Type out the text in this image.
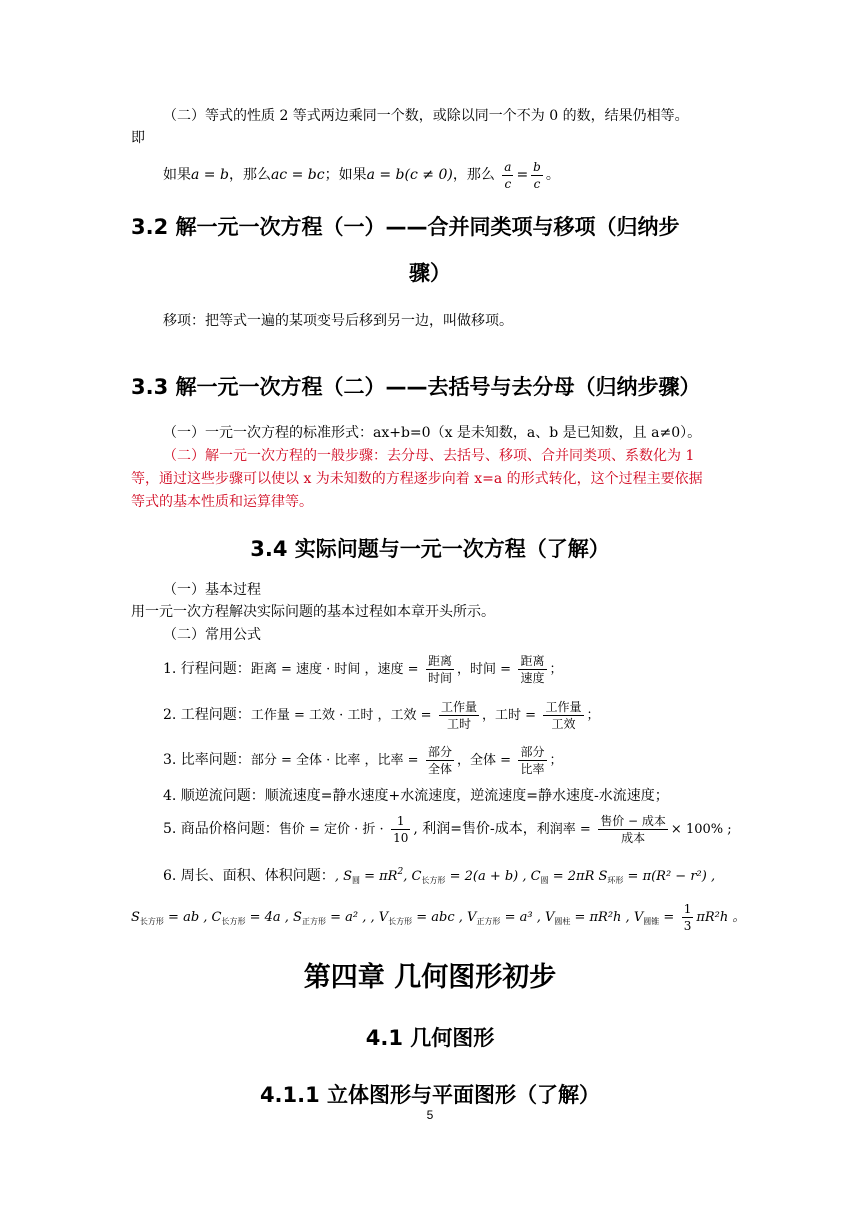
（二）等式的性质 2 等式两边乘同一个数，或除以同一个不为 0 的数，结果仍相等。
即
如果a = b，那么ac = bc；如果a = b(c ≠ 0)，那么 $\frac{a}{c} = \frac{b}{c}$ 。
3.2 解一元一次方程（一）——合并同类项与移项（归纳步
骤）
移项：把等式一遍的某项变号后移到另一边，叫做移项。
3.3 解一元一次方程（二）——去括号与去分母（归纳步骤）
（一）一元一次方程的标准形式：ax+b=0（x 是未知数，a、b 是已知数，且 a≠0）。
（二）解一元一次方程的一般步骤：去分母、去括号、移项、合并同类项、系数化为 1
等，通过这些步骤可以使以 x 为未知数的方程逐步向着 x=a 的形式转化，这个过程主要依据
等式的基本性质和运算律等。
3.4 实际问题与一元一次方程（了解）
（一）基本过程
用一元一次方程解决实际问题的基本过程如本章开头所示。
（二）常用公式
1. 行程问题：距离 = 速度 · 时间 ，速度 = $\frac{\text{距离}}{\text{时间}}$ ，时间 = $\frac{\text{距离}}{\text{速度}}$ ；
2. 工程问题：工作量 = 工效 · 工时 ，工效 = $\frac{\text{工作量}}{\text{工时}}$ ，工时 = $\frac{\text{工作量}}{\text{工效}}$ ；
3. 比率问题：部分 = 全体 · 比率 ，比率 = $\frac{\text{部分}}{\text{全体}}$ ，全体 = $\frac{\text{部分}}{\text{比率}}$ ；
4. 顺逆流问题：顺流速度=静水速度+水流速度，逆流速度=静水速度-水流速度；
5. 商品价格问题：售价 = 定价 · 折 · $\frac{1}{10}$ , 利润=售价-成本，利润率 = $\frac{\text{售价 − 成本}}{\text{成本}} \times 100\%$ ;
6. 周长、面积、体积问题：, $S_圆 = \pi R^2$, $C_{长方形} = 2(a + b)$ , $C_圆 = 2\pi R$ $S_{环形} = \pi(R^2 - r^2)$ ,
$S_{长方形}$ = ab , $C_{长方形} = 4a$ , $S_{正方形} = a^2$ , , $V_{长方形}$ = abc , $V_{正方形} = a^3$ , $V_{圆柱} = \pi R^2h$ , $V_{圆锥} = \frac{1}{3} \pi R^2h$ 。
第四章 几何图形初步
4.1 几何图形
4.1.1 立体图形与平面图形（了解）
5
